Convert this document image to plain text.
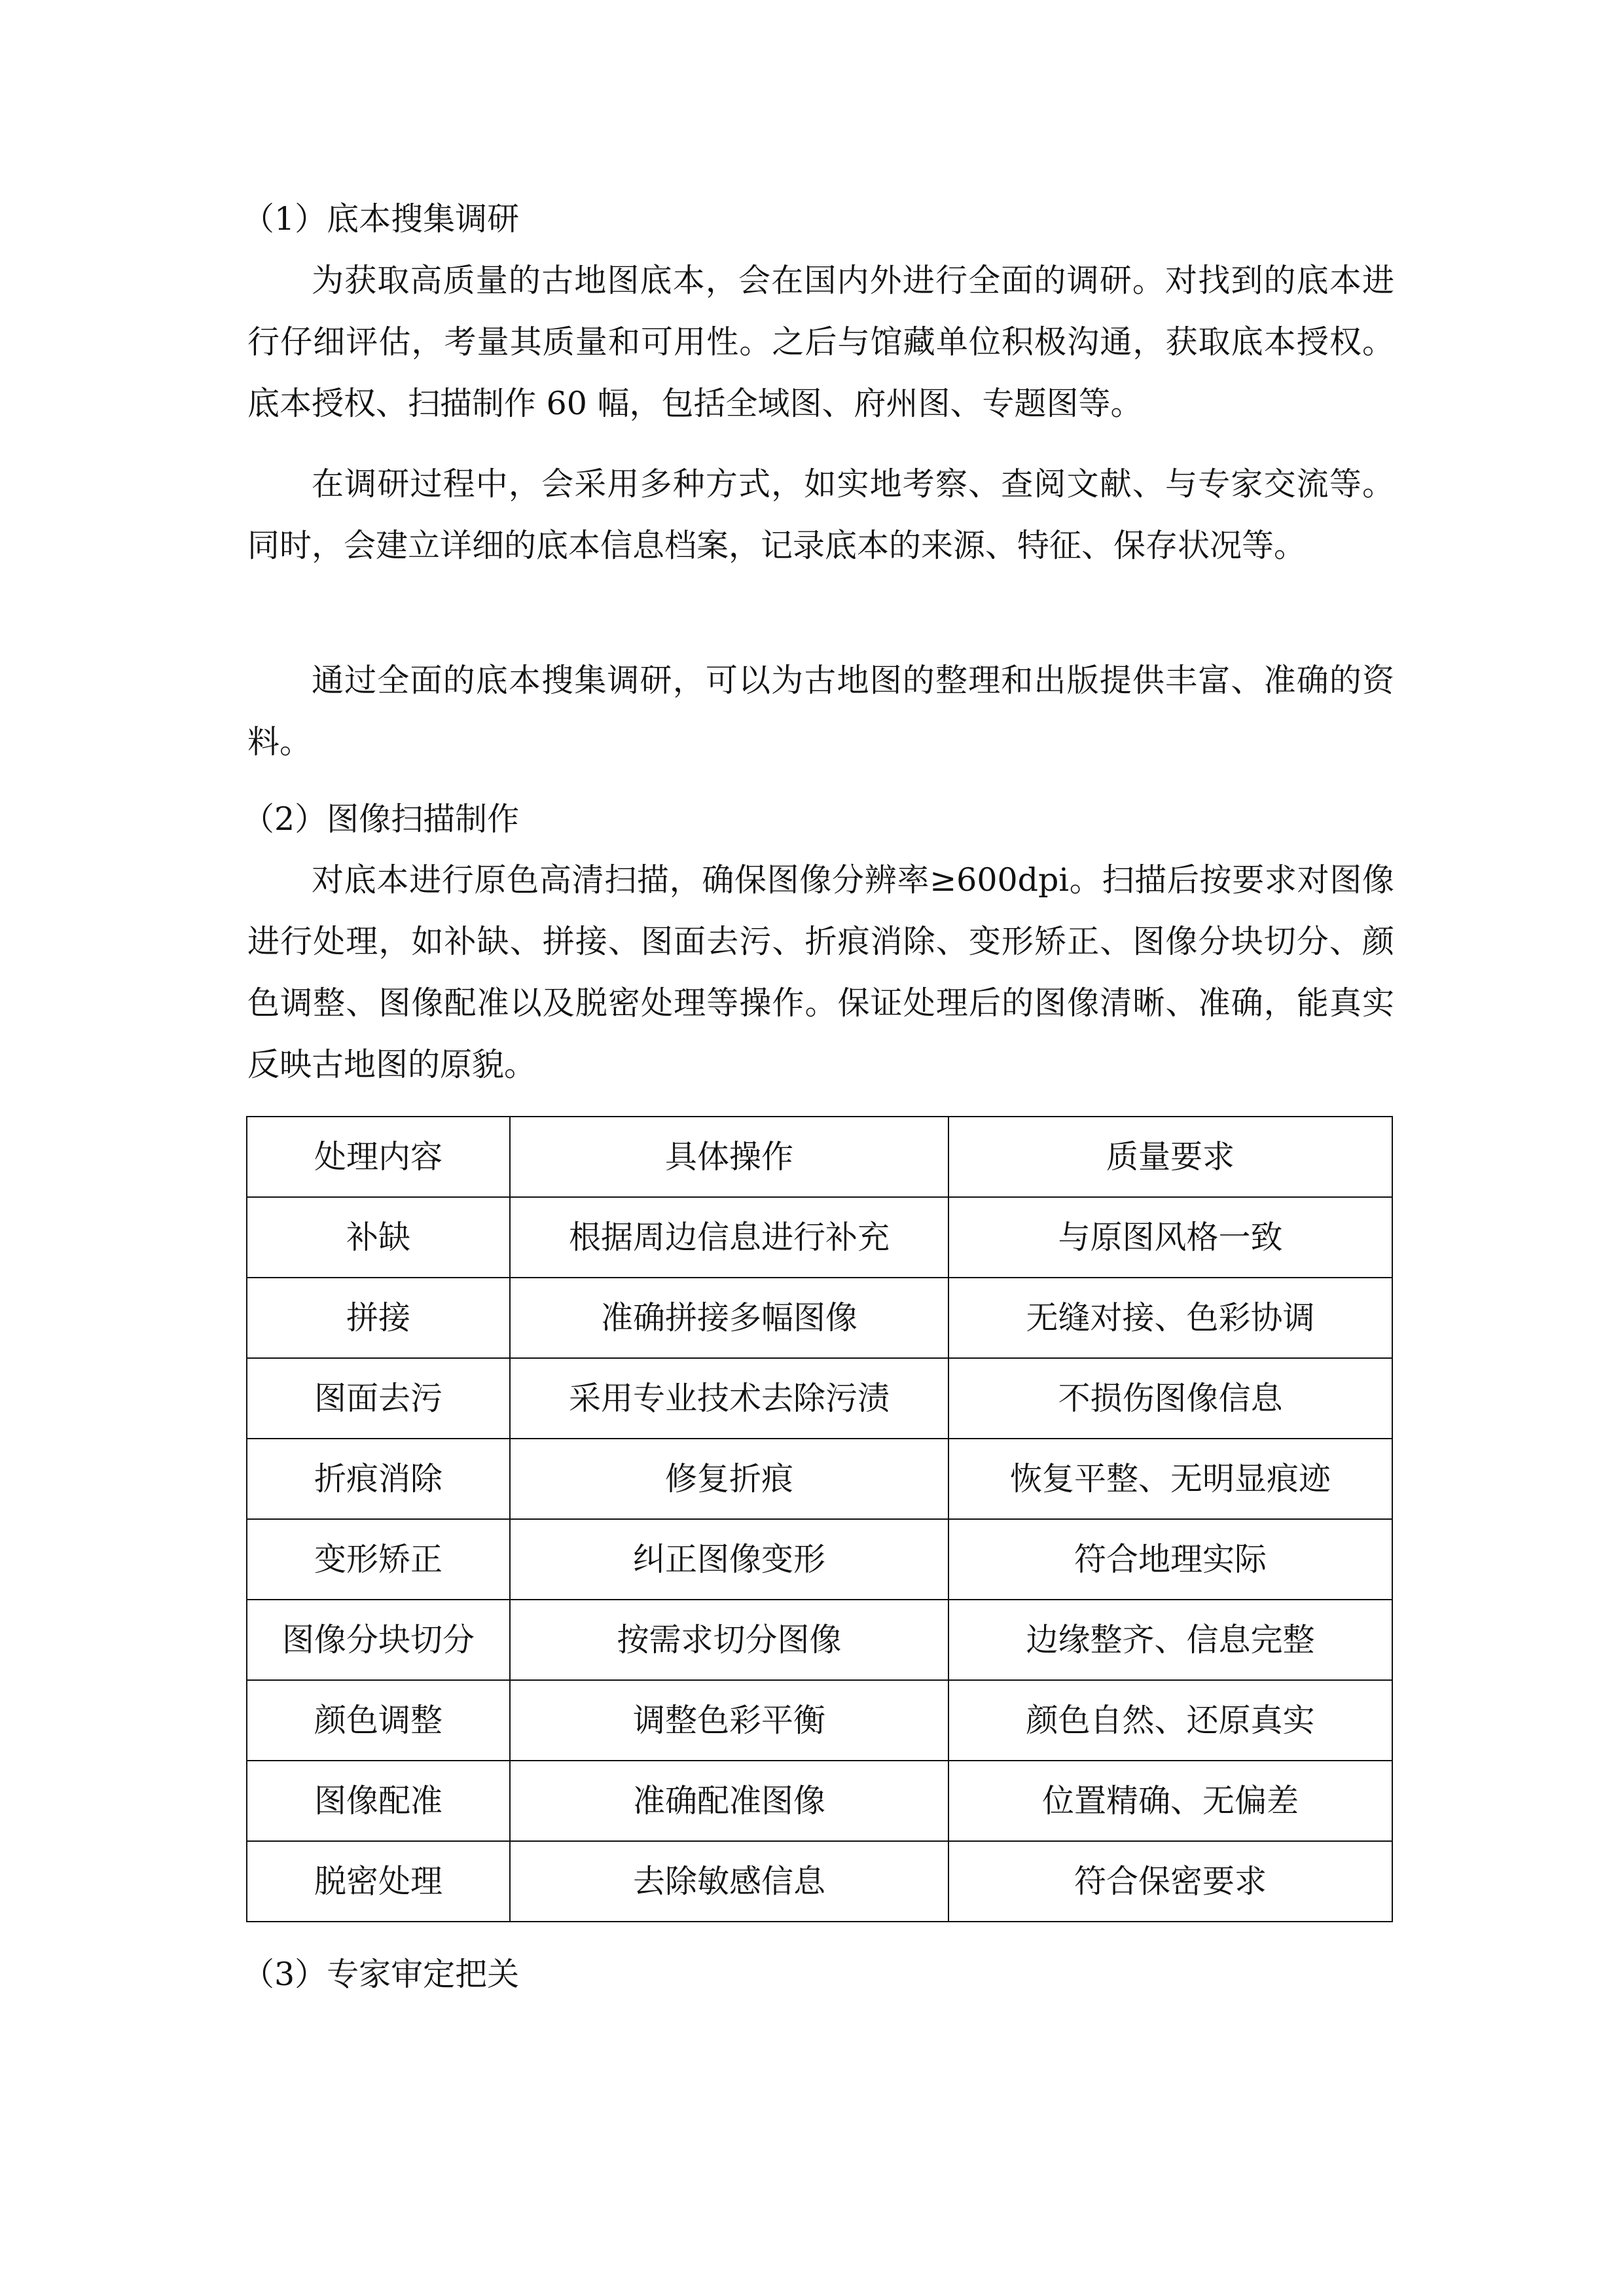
（1）底本搜集调研

为获取高质量的古地图底本，会在国内外进行全面的调研。对找到的底本进行仔细评估，考量其质量和可用性。之后与馆藏单位积极沟通，获取底本授权。底本授权、扫描制作 60 幅，包括全域图、府州图、专题图等。

在调研过程中，会采用多种方式，如实地考察、查阅文献、与专家交流等。同时，会建立详细的底本信息档案，记录底本的来源、特征、保存状况等。

通过全面的底本搜集调研，可以为古地图的整理和出版提供丰富、准确的资料。

（2）图像扫描制作

对底本进行原色高清扫描，确保图像分辨率≥600dpi。扫描后按要求对图像进行处理，如补缺、拼接、图面去污、折痕消除、变形矫正、图像分块切分、颜色调整、图像配准以及脱密处理等操作。保证处理后的图像清晰、准确，能真实反映古地图的原貌。

处理内容	具体操作	质量要求
补缺	根据周边信息进行补充	与原图风格一致
拼接	准确拼接多幅图像	无缝对接、色彩协调
图面去污	采用专业技术去除污渍	不损伤图像信息
折痕消除	修复折痕	恢复平整、无明显痕迹
变形矫正	纠正图像变形	符合地理实际
图像分块切分	按需求切分图像	边缘整齐、信息完整
颜色调整	调整色彩平衡	颜色自然、还原真实
图像配准	准确配准图像	位置精确、无偏差
脱密处理	去除敏感信息	符合保密要求
（3）专家审定把关
